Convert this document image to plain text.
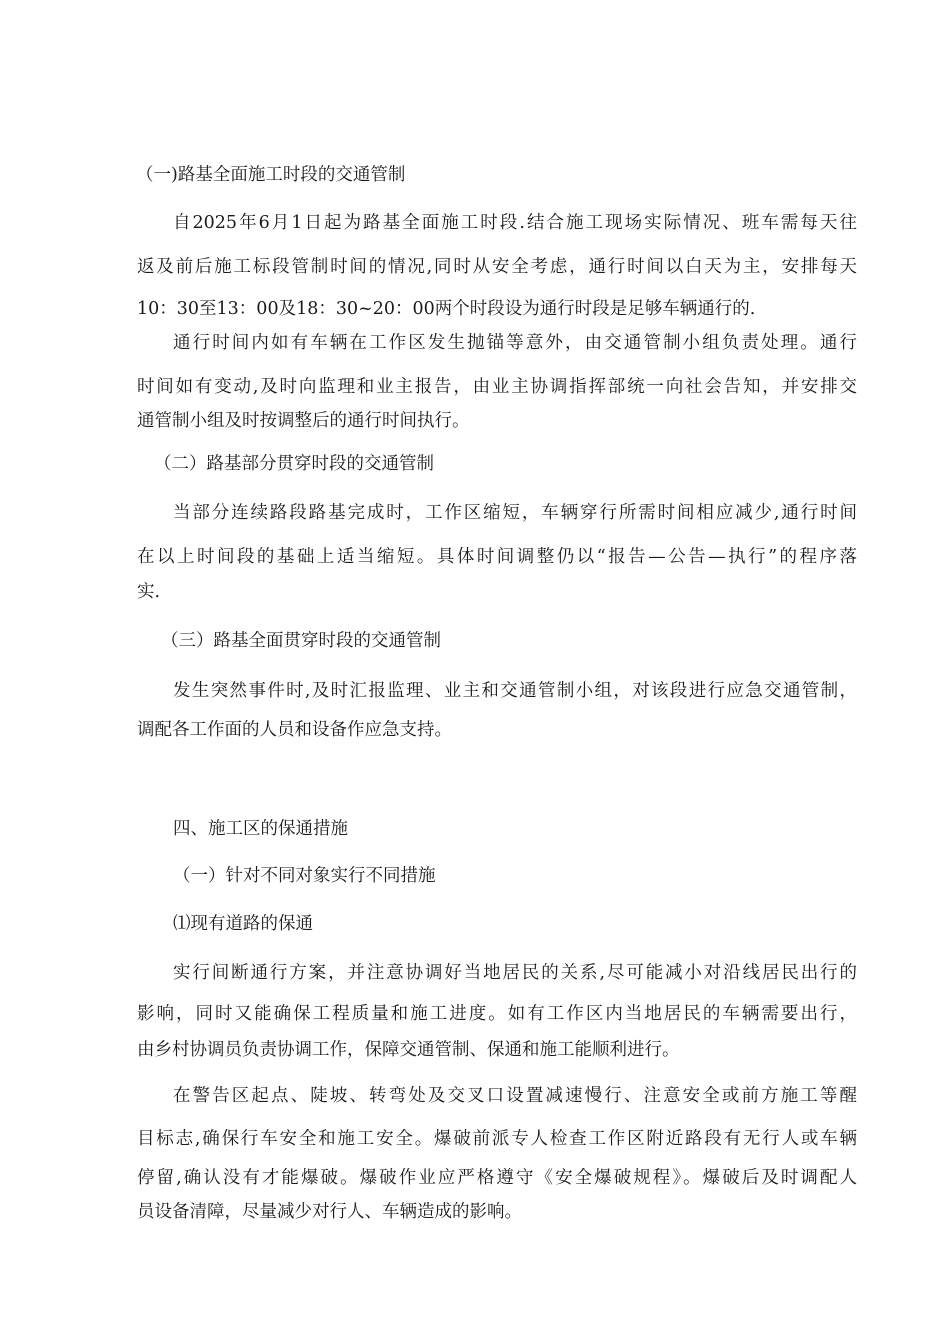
（一)路基全面施工时段的交通管制
自2025年6月1日起为路基全面施工时段.结合施工现场实际情况、班车需每天往
返及前后施工标段管制时间的情况,同时从安全考虑，通行时间以白天为主，安排每天
10：30至13：00及18：30~20：00两个时段设为通行时段是足够车辆通行的.
通行时间内如有车辆在工作区发生抛锚等意外，由交通管制小组负责处理。通行
时间如有变动,及时向监理和业主报告，由业主协调指挥部统一向社会告知，并安排交
通管制小组及时按调整后的通行时间执行。
（二）路基部分贯穿时段的交通管制
当部分连续路段路基完成时，工作区缩短，车辆穿行所需时间相应减少,通行时间
在以上时间段的基础上适当缩短。具体时间调整仍以“报告—公告—执行”的程序落
实.
（三）路基全面贯穿时段的交通管制
发生突然事件时,及时汇报监理、业主和交通管制小组，对该段进行应急交通管制，
调配各工作面的人员和设备作应急支持。
四、施工区的保通措施
（一）针对不同对象实行不同措施
⑴现有道路的保通
实行间断通行方案，并注意协调好当地居民的关系,尽可能减小对沿线居民出行的
影响，同时又能确保工程质量和施工进度。如有工作区内当地居民的车辆需要出行，
由乡村协调员负责协调工作，保障交通管制、保通和施工能顺利进行。
在警告区起点、陡坡、转弯处及交叉口设置减速慢行、注意安全或前方施工等醒
目标志,确保行车安全和施工安全。爆破前派专人检查工作区附近路段有无行人或车辆
停留,确认没有才能爆破。爆破作业应严格遵守《安全爆破规程》。爆破后及时调配人
员设备清障，尽量减少对行人、车辆造成的影响。
